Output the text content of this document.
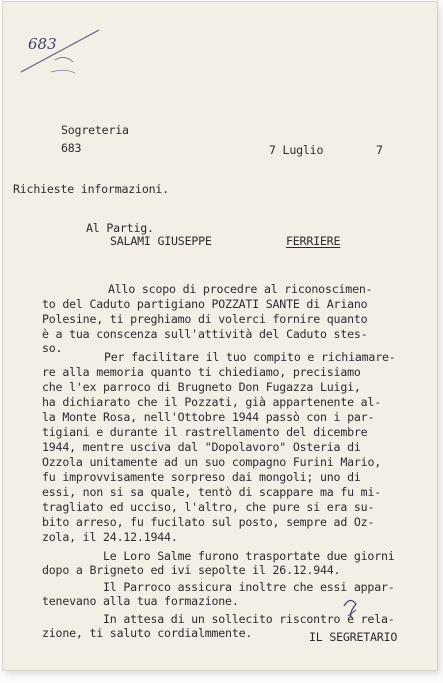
683
Sogreteria
683	7 Luglio	7
Richieste informazioni.
Al Partig.
SALAMI GIUSEPPE	FERRIERE
Allo scopo di procedre al riconoscimen-
to del Caduto partigiano POZZATI SANTE di Ariano
Polesine, ti preghiamo di volerci fornire quanto
è a tua conscenza sull'attività del Caduto stes-
so.
Per facilitare il tuo compito e richiamare-
re alla memoria quanto ti chiediamo, precisiamo
che l'ex parroco di Brugneto Don Fugazza Luigi,
ha dichiarato che il Pozzati, già appartenente al-
la Monte Rosa, nell'Ottobre 1944 passò con i par-
tigiani e durante il rastrellamento del dicembre
1944, mentre usciva dal "Dopolavoro" Osteria di
Ozzola unitamente ad un suo compagno Furini Mario,
fu improvvisamente sorpreso dai mongoli; uno di
essi, non si sa quale, tentò di scappare ma fu mi-
tragliato ed ucciso, l'altro, che pure si era su-
bito arreso, fu fucilato sul posto, sempre ad Oz-
zola, il 24.12.1944.
Le Loro Salme furono trasportate due giorni
dopo a Brigneto ed ivi sepolte il 26.12.944.
Il Parroco assicura inoltre che essi appar-
tenevano alla tua formazione.
In attesa di un sollecito riscontro e rela-
zione, ti saluto cordialmmente.	IL SEGRETARIO
